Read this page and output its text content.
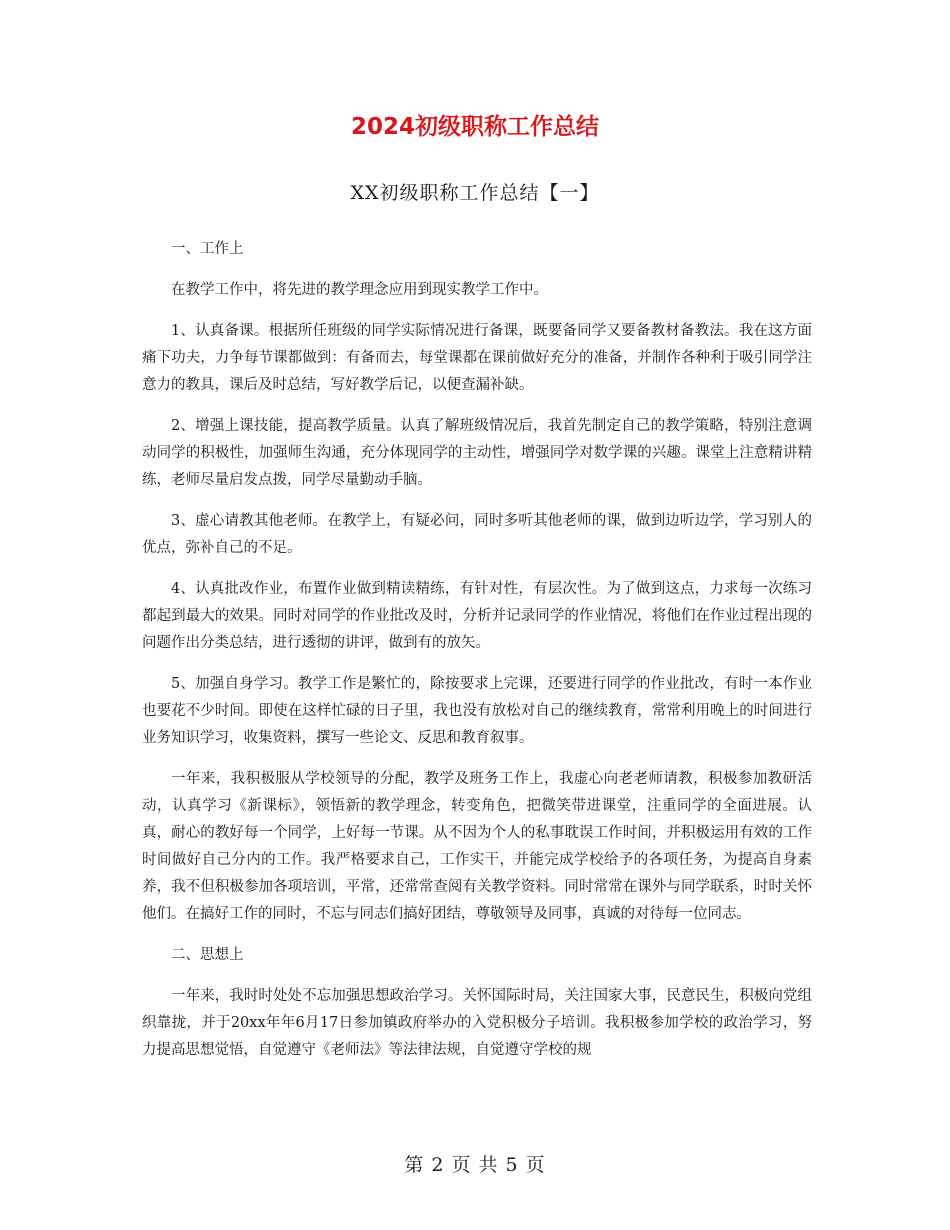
2024初级职称工作总结
XX初级职称工作总结【一】

一、工作上

在教学工作中，将先进的教学理念应用到现实教学工作中。

1、认真备课。根据所任班级的同学实际情况进行备课，既要备同学又要备教材备教法。我在这方面痛下功夫，力争每节课都做到：有备而去，每堂课都在课前做好充分的准备，并制作各种利于吸引同学注意力的教具，课后及时总结，写好教学后记，以便查漏补缺。

2、增强上课技能，提高教学质量。认真了解班级情况后，我首先制定自己的教学策略，特别注意调动同学的积极性，加强师生沟通，充分体现同学的主动性，增强同学对数学课的兴趣。课堂上注意精讲精练，老师尽量启发点拨，同学尽量勤动手脑。

3、虚心请教其他老师。在教学上，有疑必问，同时多听其他老师的课，做到边听边学，学习别人的优点，弥补自己的不足。

4、认真批改作业，布置作业做到精读精练，有针对性，有层次性。为了做到这点，力求每一次练习都起到最大的效果。同时对同学的作业批改及时，分析并记录同学的作业情况，将他们在作业过程出现的问题作出分类总结，进行透彻的讲评，做到有的放矢。

5、加强自身学习。教学工作是繁忙的，除按要求上完课，还要进行同学的作业批改，有时一本作业也要花不少时间。即使在这样忙碌的日子里，我也没有放松对自己的继续教育，常常利用晚上的时间进行业务知识学习，收集资料，撰写一些论文、反思和教育叙事。

一年来，我积极服从学校领导的分配，教学及班务工作上，我虚心向老老师请教，积极参加教研活动，认真学习《新课标》，领悟新的教学理念，转变角色，把微笑带进课堂，注重同学的全面进展。认真，耐心的教好每一个同学，上好每一节课。从不因为个人的私事耽误工作时间，并积极运用有效的工作时间做好自己分内的工作。我严格要求自己，工作实干，并能完成学校给予的各项任务，为提高自身素养，我不但积极参加各项培训，平常，还常常查阅有关教学资料。同时常常在课外与同学联系，时时关怀他们。在搞好工作的同时，不忘与同志们搞好团结，尊敬领导及同事，真诚的对待每一位同志。

二、思想上

一年来，我时时处处不忘加强思想政治学习。关怀国际时局，关注国家大事，民意民生，积极向党组织靠拢，并于20xx年年6月17日参加镇政府举办的入党积极分子培训。我积极参加学校的政治学习，努力提高思想觉悟，自觉遵守《老师法》等法律法规，自觉遵守学校的规

第 2 页 共 5 页
